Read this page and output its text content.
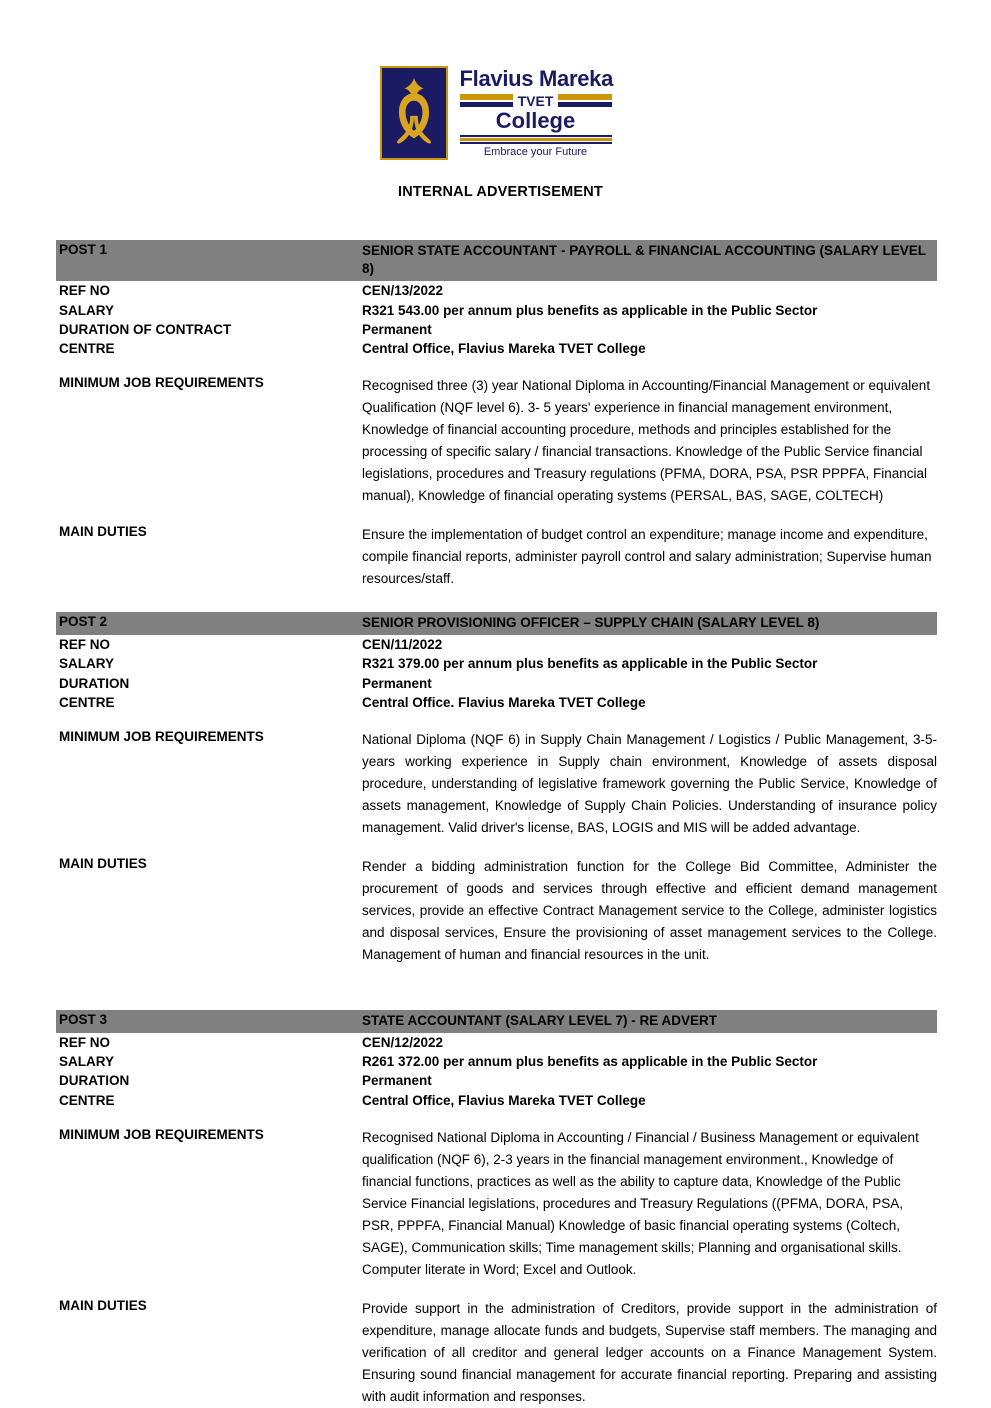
Flavius Mareka
TVET
College
Embrace your Future
INTERNAL ADVERTISEMENT
POST 1	SENIOR STATE ACCOUNTANT - PAYROLL & FINANCIAL ACCOUNTING (SALARY LEVEL 8)
REF NO	CEN/13/2022
SALARY	R321 543.00 per annum plus benefits as applicable in the Public Sector
DURATION OF CONTRACT	Permanent
CENTRE	Central Office, Flavius Mareka TVET College
MINIMUM JOB REQUIREMENTS	Recognised three (3) year National Diploma in Accounting/Financial Management or equivalent Qualification (NQF level 6). 3- 5 years' experience in financial management environment, Knowledge of financial accounting procedure, methods and principles established for the processing of specific salary / financial transactions. Knowledge of the Public Service financial legislations, procedures and Treasury regulations (PFMA, DORA, PSA, PSR PPPFA, Financial manual), Knowledge of financial operating systems (PERSAL, BAS, SAGE, COLTECH)
MAIN DUTIES	Ensure the implementation of budget control an expenditure; manage income and expenditure, compile financial reports, administer payroll control and salary administration; Supervise human resources/staff.
POST 2	SENIOR PROVISIONING OFFICER – SUPPLY CHAIN (SALARY LEVEL 8)
REF NO	CEN/11/2022
SALARY	R321 379.00 per annum plus benefits as applicable in the Public Sector
DURATION	Permanent
CENTRE	Central Office. Flavius Mareka TVET College
MINIMUM JOB REQUIREMENTS	National Diploma (NQF 6) in Supply Chain Management / Logistics / Public Management, 3-5-years working experience in Supply chain environment, Knowledge of assets disposal procedure, understanding of legislative framework governing the Public Service, Knowledge of assets management, Knowledge of Supply Chain Policies. Understanding of insurance policy management. Valid driver's license, BAS, LOGIS and MIS will be added advantage.
MAIN DUTIES	Render a bidding administration function for the College Bid Committee, Administer the procurement of goods and services through effective and efficient demand management services, provide an effective Contract Management service to the College, administer logistics and disposal services, Ensure the provisioning of asset management services to the College. Management of human and financial resources in the unit.
POST 3	STATE ACCOUNTANT (SALARY LEVEL 7) - RE ADVERT
REF NO	CEN/12/2022
SALARY	R261 372.00 per annum plus benefits as applicable in the Public Sector
DURATION	Permanent
CENTRE	Central Office, Flavius Mareka TVET College
MINIMUM JOB REQUIREMENTS	Recognised National Diploma in Accounting / Financial / Business Management or equivalent qualification (NQF 6), 2-3 years in the financial management environment., Knowledge of financial functions, practices as well as the ability to capture data, Knowledge of the Public Service Financial legislations, procedures and Treasury Regulations ((PFMA, DORA, PSA, PSR, PPPFA, Financial Manual) Knowledge of basic financial operating systems (Coltech, SAGE), Communication skills; Time management skills; Planning and organisational skills. Computer literate in Word; Excel and Outlook.
MAIN DUTIES	Provide support in the administration of Creditors, provide support in the administration of expenditure, manage allocate funds and budgets, Supervise staff members. The managing and verification of all creditor and general ledger accounts on a Finance Management System. Ensuring sound financial management for accurate financial reporting. Preparing and assisting with audit information and responses.
